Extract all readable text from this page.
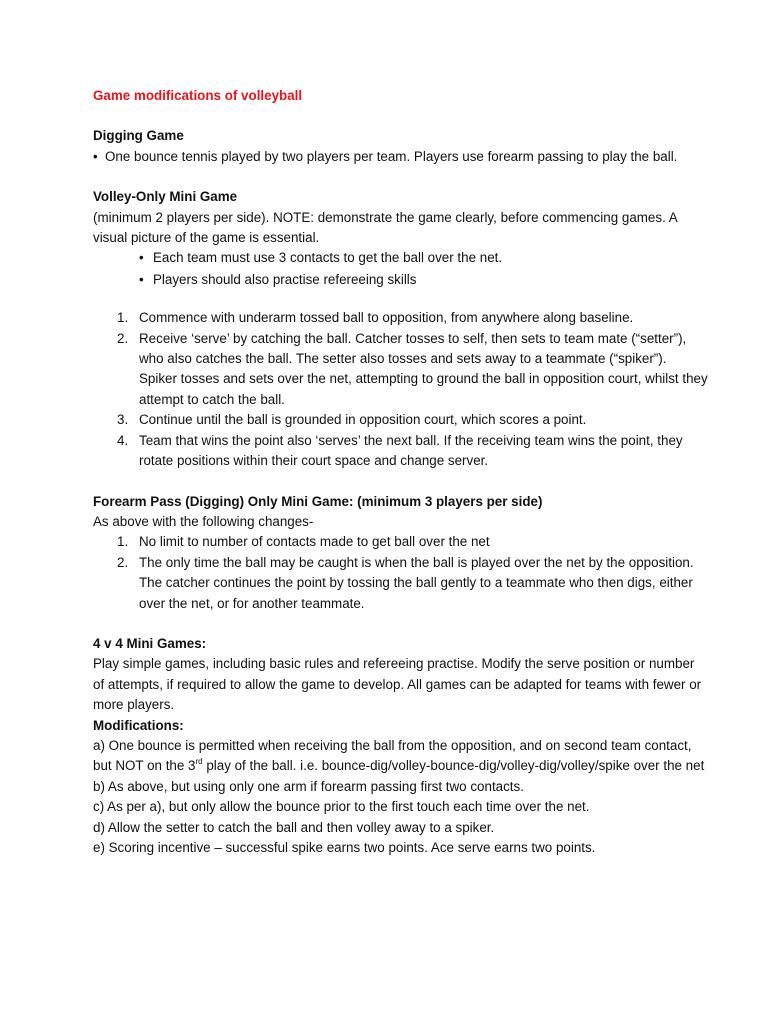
Game modifications of volleyball

Digging Game

• One bounce tennis played by two players per team. Players use forearm passing to play the ball.

Volley-Only Mini Game

(minimum 2 players per side). NOTE: demonstrate the game clearly, before commencing games. A visual picture of the game is essential.

• Each team must use 3 contacts to get the ball over the net.
• Players should also practise refereeing skills
1. Commence with underarm tossed ball to opposition, from anywhere along baseline.
2. Receive ‘serve’ by catching the ball. Catcher tosses to self, then sets to team mate (“setter”), who also catches the ball. The setter also tosses and sets away to a teammate (“spiker”). Spiker tosses and sets over the net, attempting to ground the ball in opposition court, whilst they attempt to catch the ball.
3. Continue until the ball is grounded in opposition court, which scores a point.
4. Team that wins the point also ‘serves’ the next ball. If the receiving team wins the point, they rotate positions within their court space and change server.

Forearm Pass (Digging) Only Mini Game: (minimum 3 players per side)

As above with the following changes-

1. No limit to number of contacts made to get ball over the net
2. The only time the ball may be caught is when the ball is played over the net by the opposition. The catcher continues the point by tossing the ball gently to a teammate who then digs, either over the net, or for another teammate.

4 v 4 Mini Games:

Play simple games, including basic rules and refereeing practise. Modify the serve position or number of attempts, if required to allow the game to develop. All games can be adapted for teams with fewer or more players.

Modifications:

a) One bounce is permitted when receiving the ball from the opposition, and on second team contact, but NOT on the 3rd play of the ball. i.e. bounce-dig/volley-bounce-dig/volley-dig/volley/spike over the net

b) As above, but using only one arm if forearm passing first two contacts.

c) As per a), but only allow the bounce prior to the first touch each time over the net.

d) Allow the setter to catch the ball and then volley away to a spiker.

e) Scoring incentive – successful spike earns two points. Ace serve earns two points.
